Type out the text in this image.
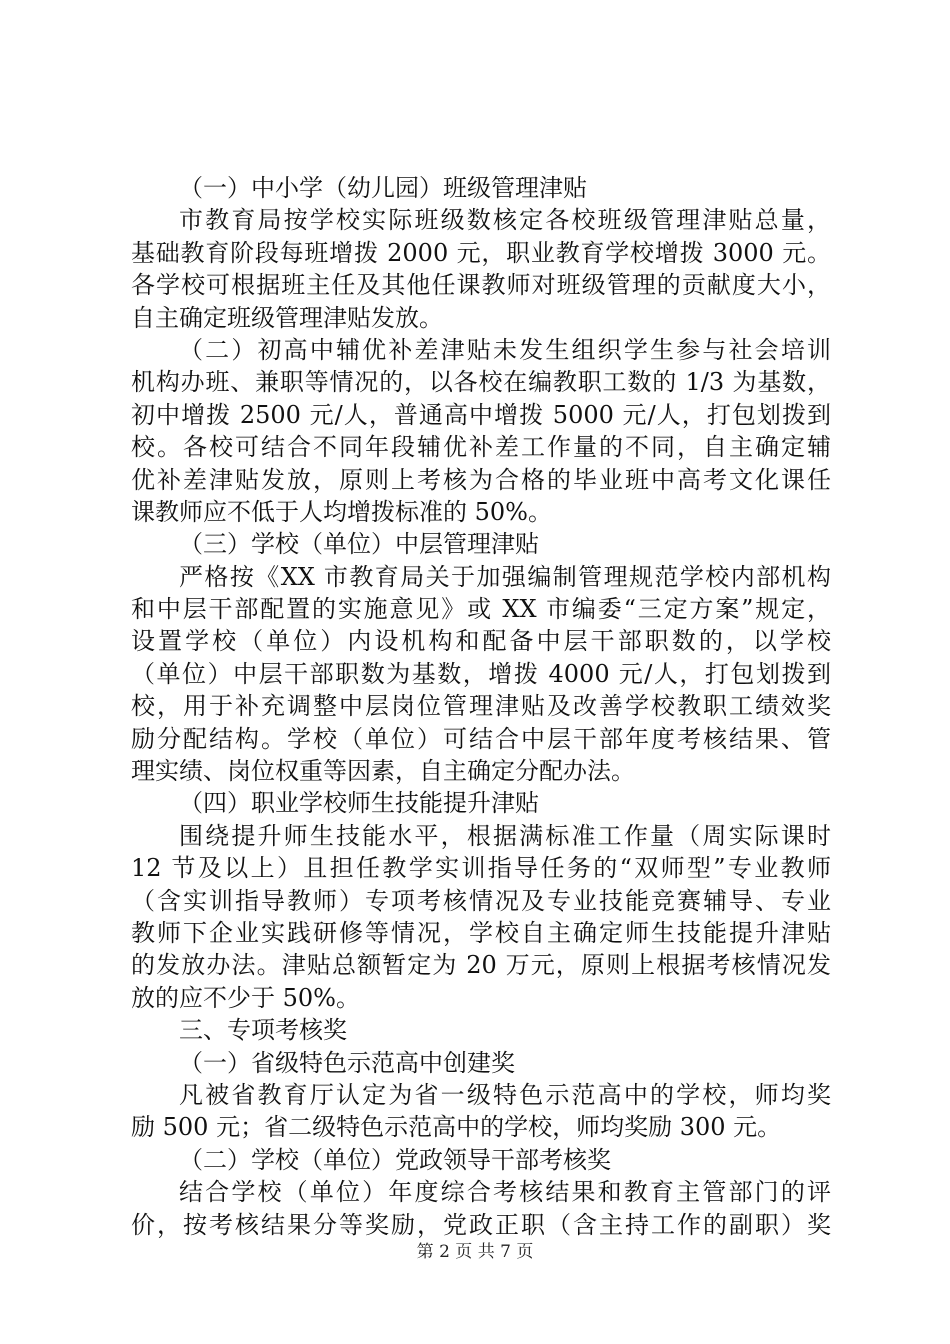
（一）中小学（幼儿园）班级管理津贴
市教育局按学校实际班级数核定各校班级管理津贴总量，
基础教育阶段每班增拨 2000 元，职业教育学校增拨 3000 元。
各学校可根据班主任及其他任课教师对班级管理的贡献度大小，
自主确定班级管理津贴发放。
（二）初高中辅优补差津贴未发生组织学生参与社会培训
机构办班、兼职等情况的，以各校在编教职工数的 1/3 为基数，
初中增拨 2500 元/人，普通高中增拨 5000 元/人，打包划拨到
校。各校可结合不同年段辅优补差工作量的不同，自主确定辅
优补差津贴发放，原则上考核为合格的毕业班中高考文化课任
课教师应不低于人均增拨标准的 50%。
（三）学校（单位）中层管理津贴
严格按《XX 市教育局关于加强编制管理规范学校内部机构
和中层干部配置的实施意见》或 XX 市编委“三定方案”规定，
设置学校（单位）内设机构和配备中层干部职数的，以学校
（单位）中层干部职数为基数，增拨 4000 元/人，打包划拨到
校，用于补充调整中层岗位管理津贴及改善学校教职工绩效奖
励分配结构。学校（单位）可结合中层干部年度考核结果、管
理实绩、岗位权重等因素，自主确定分配办法。
（四）职业学校师生技能提升津贴
围绕提升师生技能水平，根据满标准工作量（周实际课时
12 节及以上）且担任教学实训指导任务的“双师型”专业教师
（含实训指导教师）专项考核情况及专业技能竞赛辅导、专业
教师下企业实践研修等情况，学校自主确定师生技能提升津贴
的发放办法。津贴总额暂定为 20 万元，原则上根据考核情况发
放的应不少于 50%。
三、专项考核奖
（一）省级特色示范高中创建奖
凡被省教育厅认定为省一级特色示范高中的学校，师均奖
励 500 元；省二级特色示范高中的学校，师均奖励 300 元。
（二）学校（单位）党政领导干部考核奖
结合学校（单位）年度综合考核结果和教育主管部门的评
价，按考核结果分等奖励，党政正职（含主持工作的副职）奖
第 2 页 共 7 页
